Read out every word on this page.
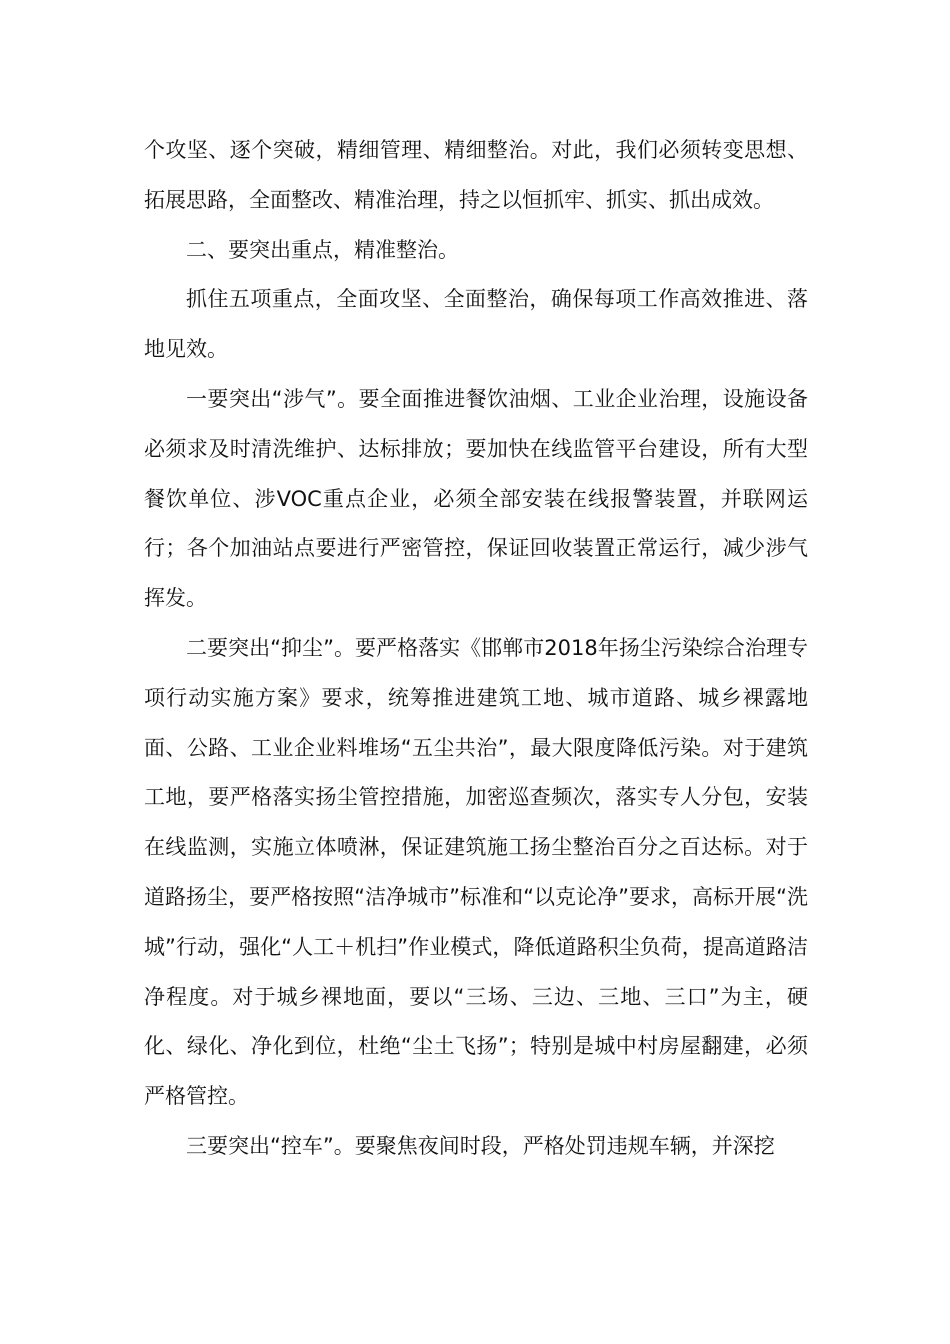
个攻坚、逐个突破，精细管理、精细整治。对此，我们必须转变思想、拓展思路，全面整改、精准治理，持之以恒抓牢、抓实、抓出成效。

二、要突出重点，精准整治。

抓住五项重点，全面攻坚、全面整治，确保每项工作高效推进、落地见效。

一要突出“涉气”。要全面推进餐饮油烟、工业企业治理，设施设备必须求及时清洗维护、达标排放；要加快在线监管平台建设，所有大型餐饮单位、涉VOC重点企业，必须全部安装在线报警装置，并联网运行；各个加油站点要进行严密管控，保证回收装置正常运行，减少涉气挥发。

二要突出“抑尘”。要严格落实《邯郸市2018年扬尘污染综合治理专项行动实施方案》要求，统筹推进建筑工地、城市道路、城乡裸露地面、公路、工业企业料堆场“五尘共治”，最大限度降低污染。对于建筑工地，要严格落实扬尘管控措施，加密巡查频次，落实专人分包，安装在线监测，实施立体喷淋，保证建筑施工扬尘整治百分之百达标。对于道路扬尘，要严格按照“洁净城市”标准和“以克论净”要求，高标开展“洗城”行动，强化“人工＋机扫”作业模式，降低道路积尘负荷，提高道路洁净程度。对于城乡裸地面，要以“三场、三边、三地、三口”为主，硬化、绿化、净化到位，杜绝“尘土飞扬”；特别是城中村房屋翻建，必须严格管控。

三要突出“控车”。要聚焦夜间时段，严格处罚违规车辆，并深挖
